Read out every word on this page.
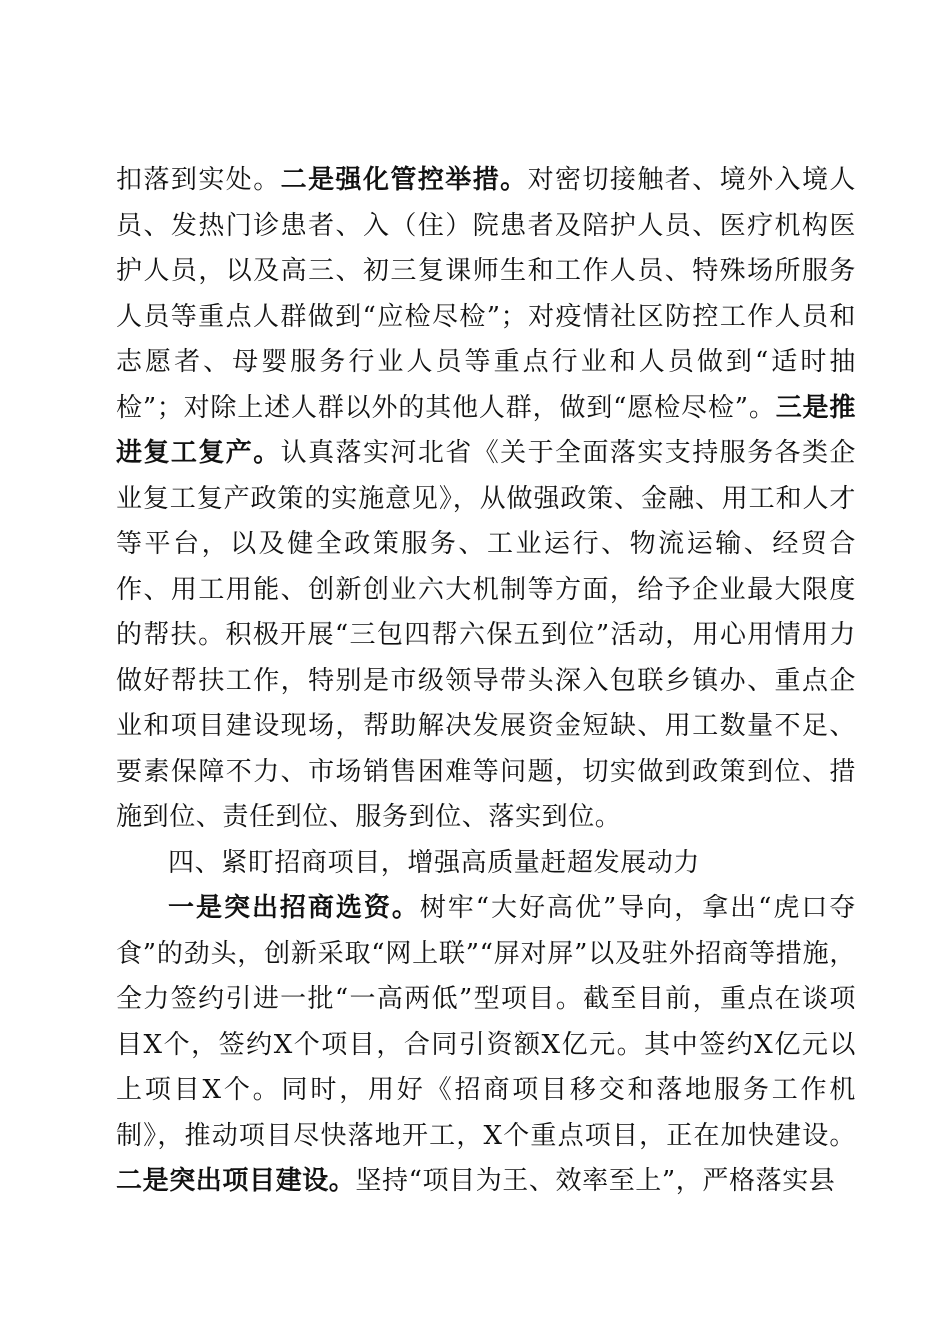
扣落到实处。二是强化管控举措。对密切接触者、境外入境人员、发热门诊患者、入（住）院患者及陪护人员、医疗机构医护人员，以及高三、初三复课师生和工作人员、特殊场所服务人员等重点人群做到“应检尽检”；对疫情社区防控工作人员和志愿者、母婴服务行业人员等重点行业和人员做到“适时抽检”；对除上述人群以外的其他人群，做到“愿检尽检”。三是推进复工复产。认真落实河北省《关于全面落实支持服务各类企业复工复产政策的实施意见》，从做强政策、金融、用工和人才等平台，以及健全政策服务、工业运行、物流运输、经贸合作、用工用能、创新创业六大机制等方面，给予企业最大限度的帮扶。积极开展“三包四帮六保五到位”活动，用心用情用力做好帮扶工作，特别是市级领导带头深入包联乡镇办、重点企业和项目建设现场，帮助解决发展资金短缺、用工数量不足、要素保障不力、市场销售困难等问题，切实做到政策到位、措施到位、责任到位、服务到位、落实到位。

四、紧盯招商项目，增强高质量赶超发展动力

一是突出招商选资。树牢“大好高优”导向，拿出“虎口夺食”的劲头，创新采取“网上联”“屏对屏”以及驻外招商等措施，全力签约引进一批“一高两低”型项目。截至目前，重点在谈项目X个，签约X个项目，合同引资额X亿元。其中签约X亿元以上项目X个。同时，用好《招商项目移交和落地服务工作机制》，推动项目尽快落地开工，X个重点项目，正在加快建设。二是突出项目建设。坚持“项目为王、效率至上”，严格落实县
